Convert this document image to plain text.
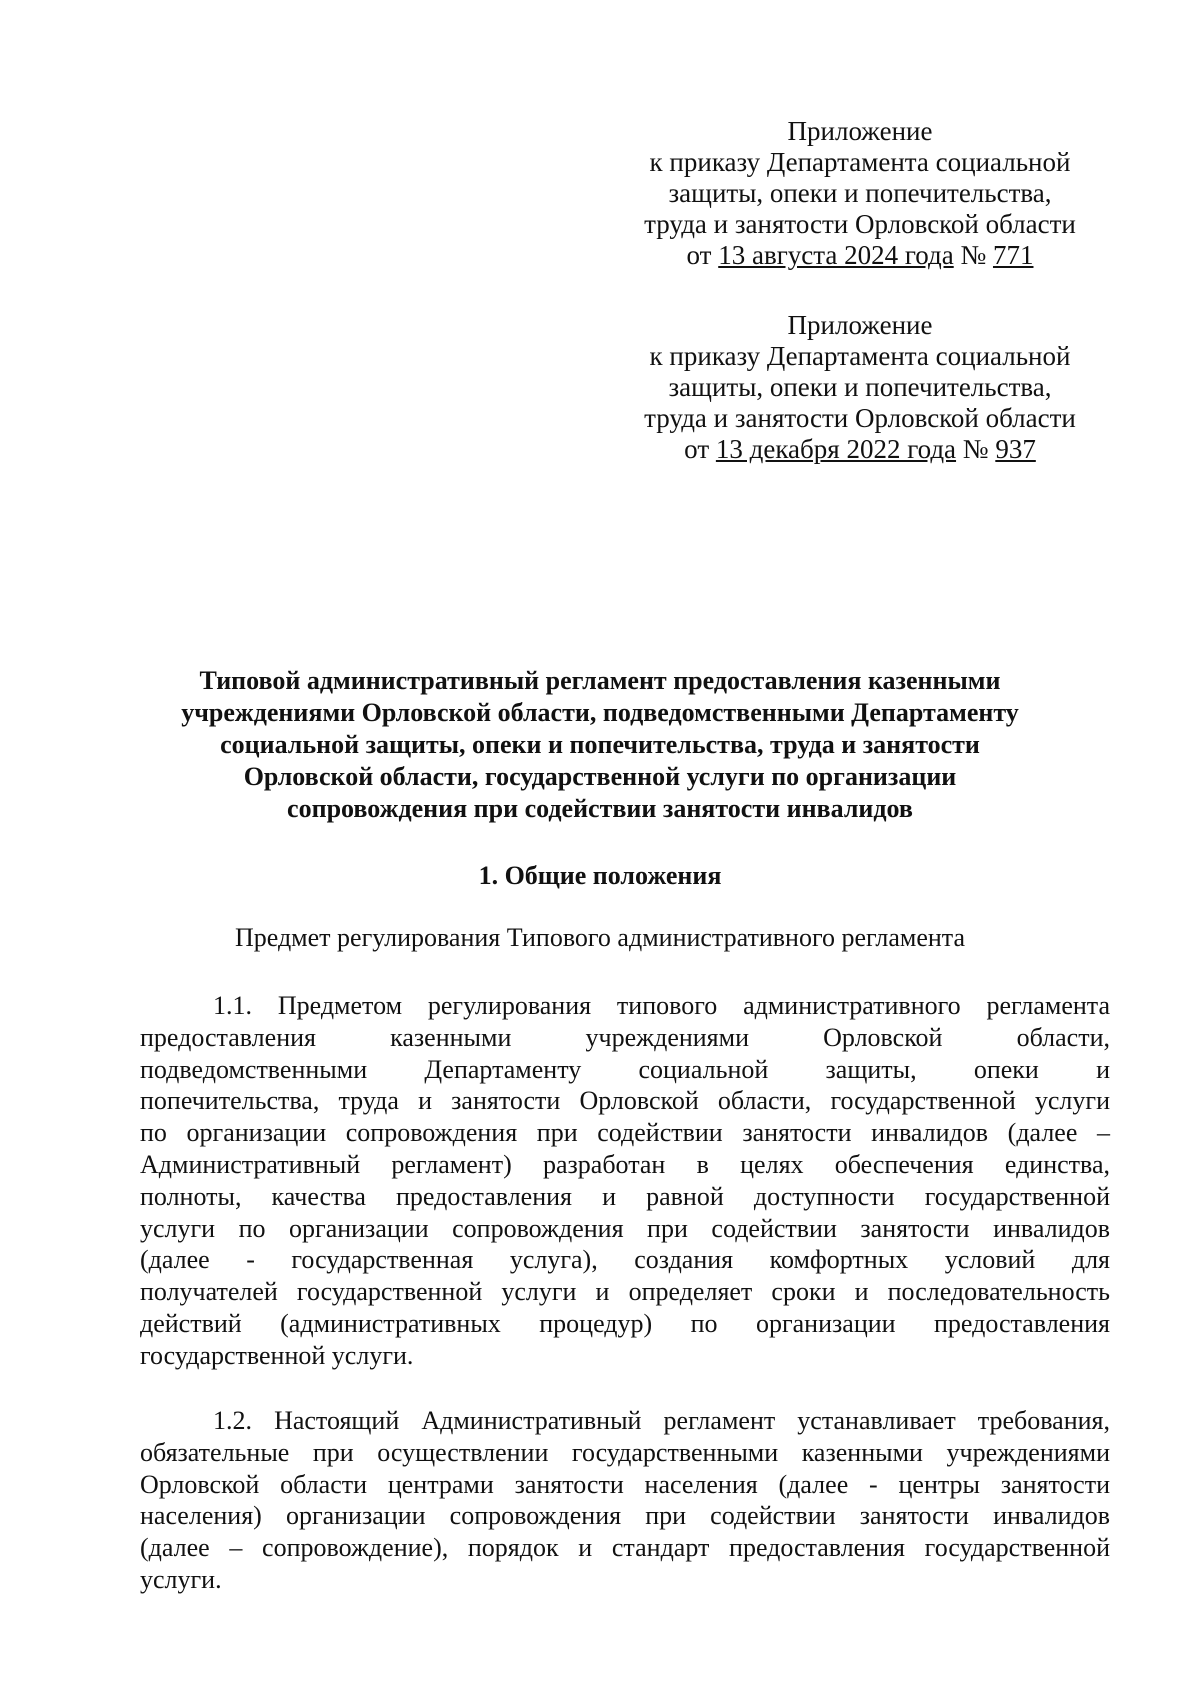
Приложение
к приказу Департамента социальной
защиты, опеки и попечительства,
труда и занятости Орловской области
от 13 августа 2024 года № 771
Приложение
к приказу Департамента социальной
защиты, опеки и попечительства,
труда и занятости Орловской области
от 13 декабря 2022 года № 937
Типовой административный регламент предоставления казенными
учреждениями Орловской области, подведомственными Департаменту
социальной защиты, опеки и попечительства, труда и занятости
Орловской области, государственной услуги по организации
сопровождения при содействии занятости инвалидов
1. Общие положения
Предмет регулирования Типового административного регламента
1.1. Предметом регулирования типового административного регламента
предоставления казенными учреждениями Орловской области,
подведомственными Департаменту социальной защиты, опеки и
попечительства, труда и занятости Орловской области, государственной услуги
по организации сопровождения при содействии занятости инвалидов (далее –
Административный регламент) разработан в целях обеспечения единства,
полноты, качества предоставления и равной доступности государственной
услуги по организации сопровождения при содействии занятости инвалидов
(далее - государственная услуга), создания комфортных условий для
получателей государственной услуги и определяет сроки и последовательность
действий (административных процедур) по организации предоставления
государственной услуги.
1.2. Настоящий Административный регламент устанавливает требования,
обязательные при осуществлении государственными казенными учреждениями
Орловской области центрами занятости населения (далее - центры занятости
населения) организации сопровождения при содействии занятости инвалидов
(далее – сопровождение), порядок и стандарт предоставления государственной
услуги.
